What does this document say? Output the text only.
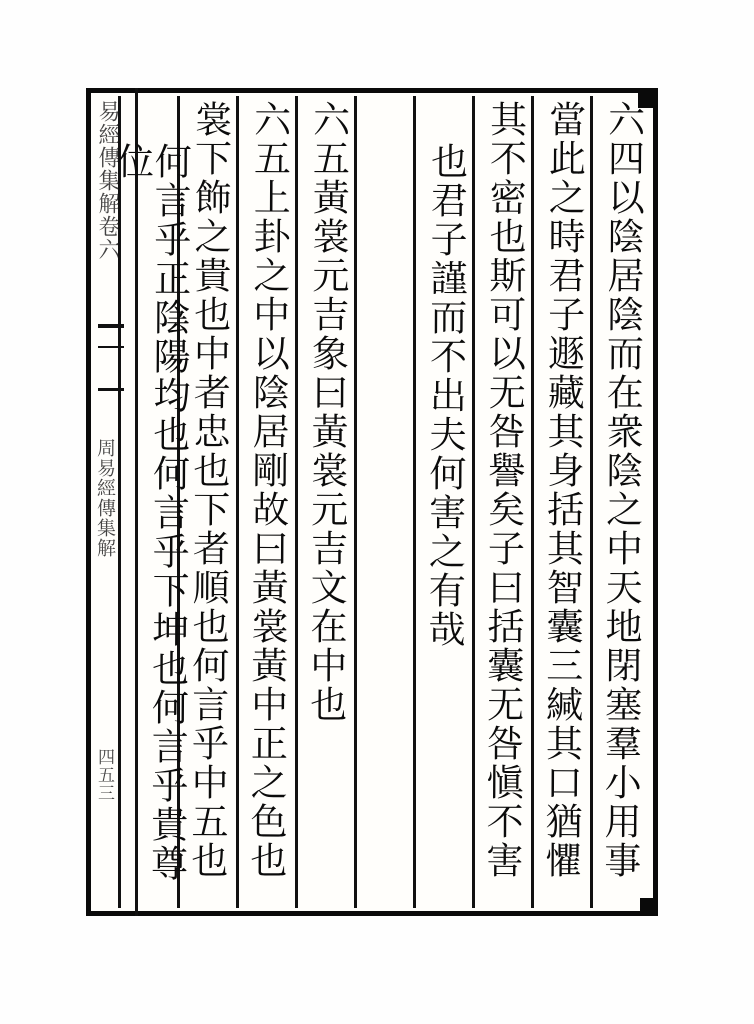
易經傳集解卷六
周易經傳集解
四五三	六四以陰居陰而在衆陰之中天地閉塞羣小用事
當此之時君子遯藏其身括其智囊三緘其口猶懼
其不密也斯可以无咎譽矣子曰括囊无咎愼不害
也君子謹而不出夫何害之有哉
六五黃裳元吉象曰黃裳元吉文在中也
六五上卦之中以陰居剛故曰黃裳黃中正之色也
裳下飾之貴也中者忠也下者順也何言乎中五也
何言乎正陰陽均也何言乎下坤也何言乎貴尊位
